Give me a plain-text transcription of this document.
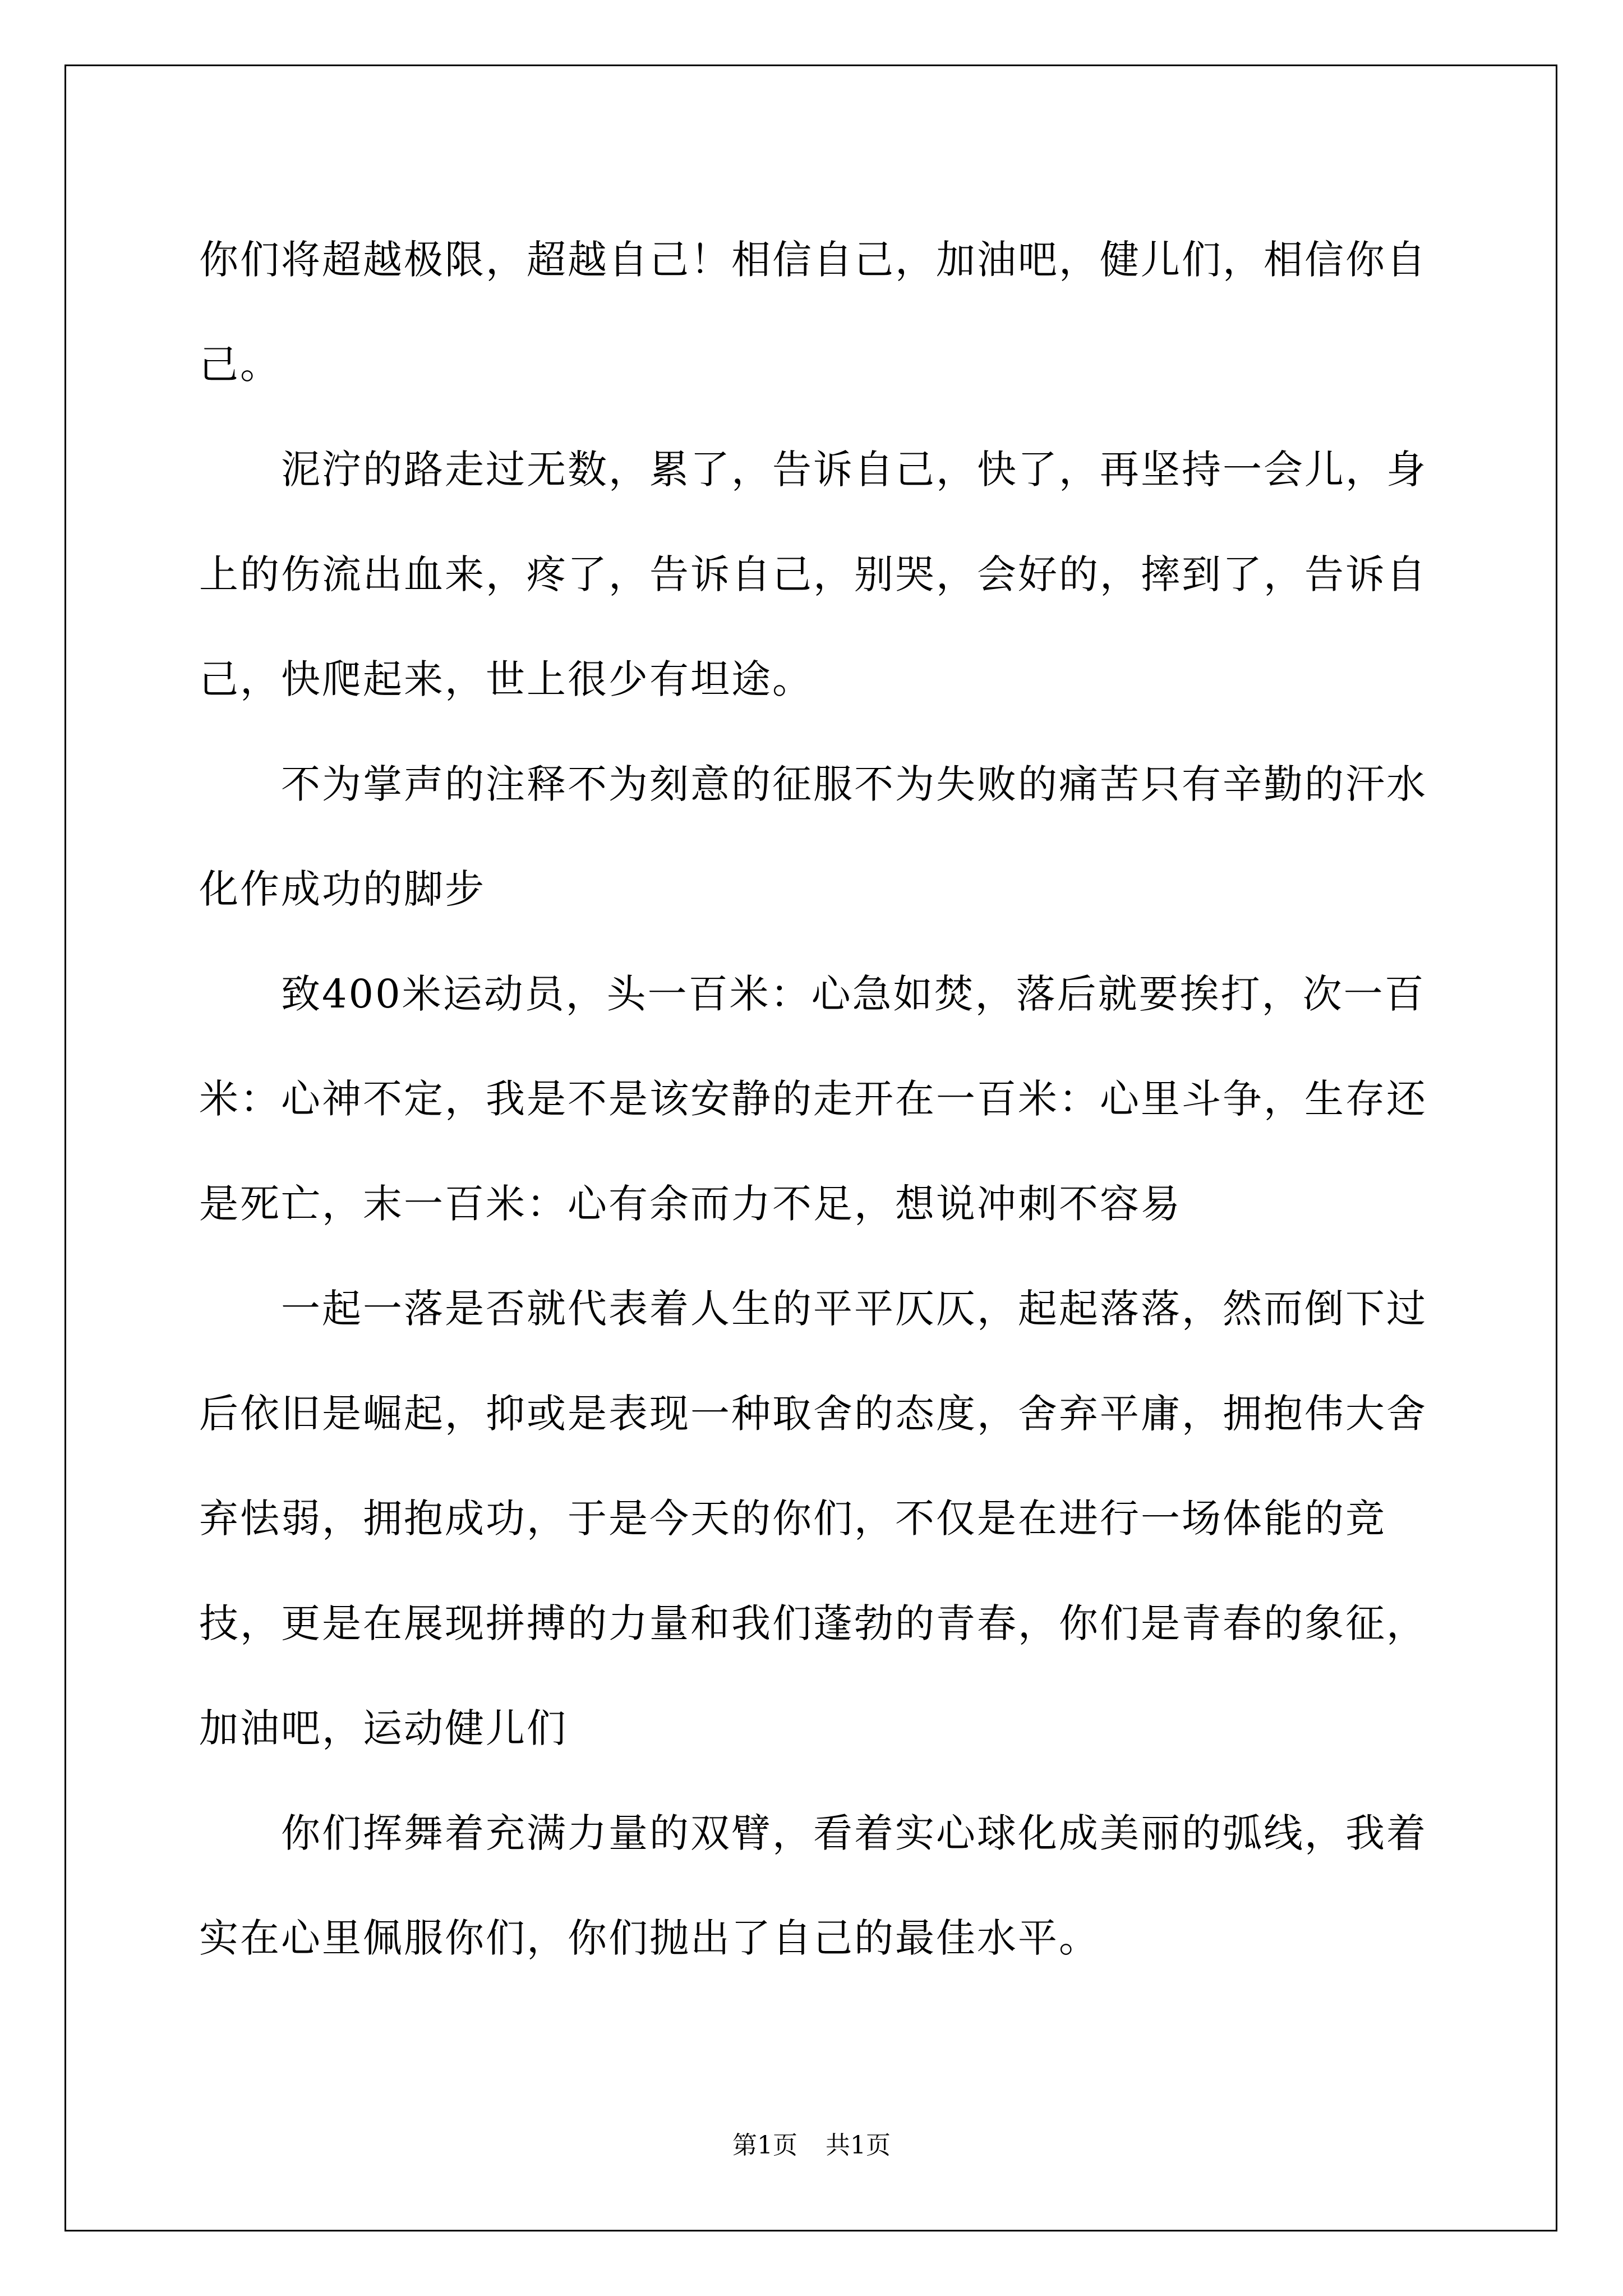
你们将超越极限，超越自己！相信自己，加油吧，健儿们，相信你自己。

泥泞的路走过无数，累了，告诉自己，快了，再坚持一会儿，身上的伤流出血来，疼了，告诉自己，别哭，会好的，摔到了，告诉自己，快爬起来，世上很少有坦途。

不为掌声的注释不为刻意的征服不为失败的痛苦只有辛勤的汗水化作成功的脚步

致400米运动员，头一百米：心急如焚，落后就要挨打，次一百米：心神不定，我是不是该安静的走开在一百米：心里斗争，生存还是死亡，末一百米：心有余而力不足，想说冲刺不容易

一起一落是否就代表着人生的平平仄仄，起起落落，然而倒下过后依旧是崛起，抑或是表现一种取舍的态度，舍弃平庸，拥抱伟大舍弃怯弱，拥抱成功，于是今天的你们，不仅是在进行一场体能的竞技，更是在展现拼搏的力量和我们蓬勃的青春，你们是青春的象征，加油吧，运动健儿们

你们挥舞着充满力量的双臂，看着实心球化成美丽的弧线，我着实在心里佩服你们，你们抛出了自己的最佳水平。

第1页 共1页
